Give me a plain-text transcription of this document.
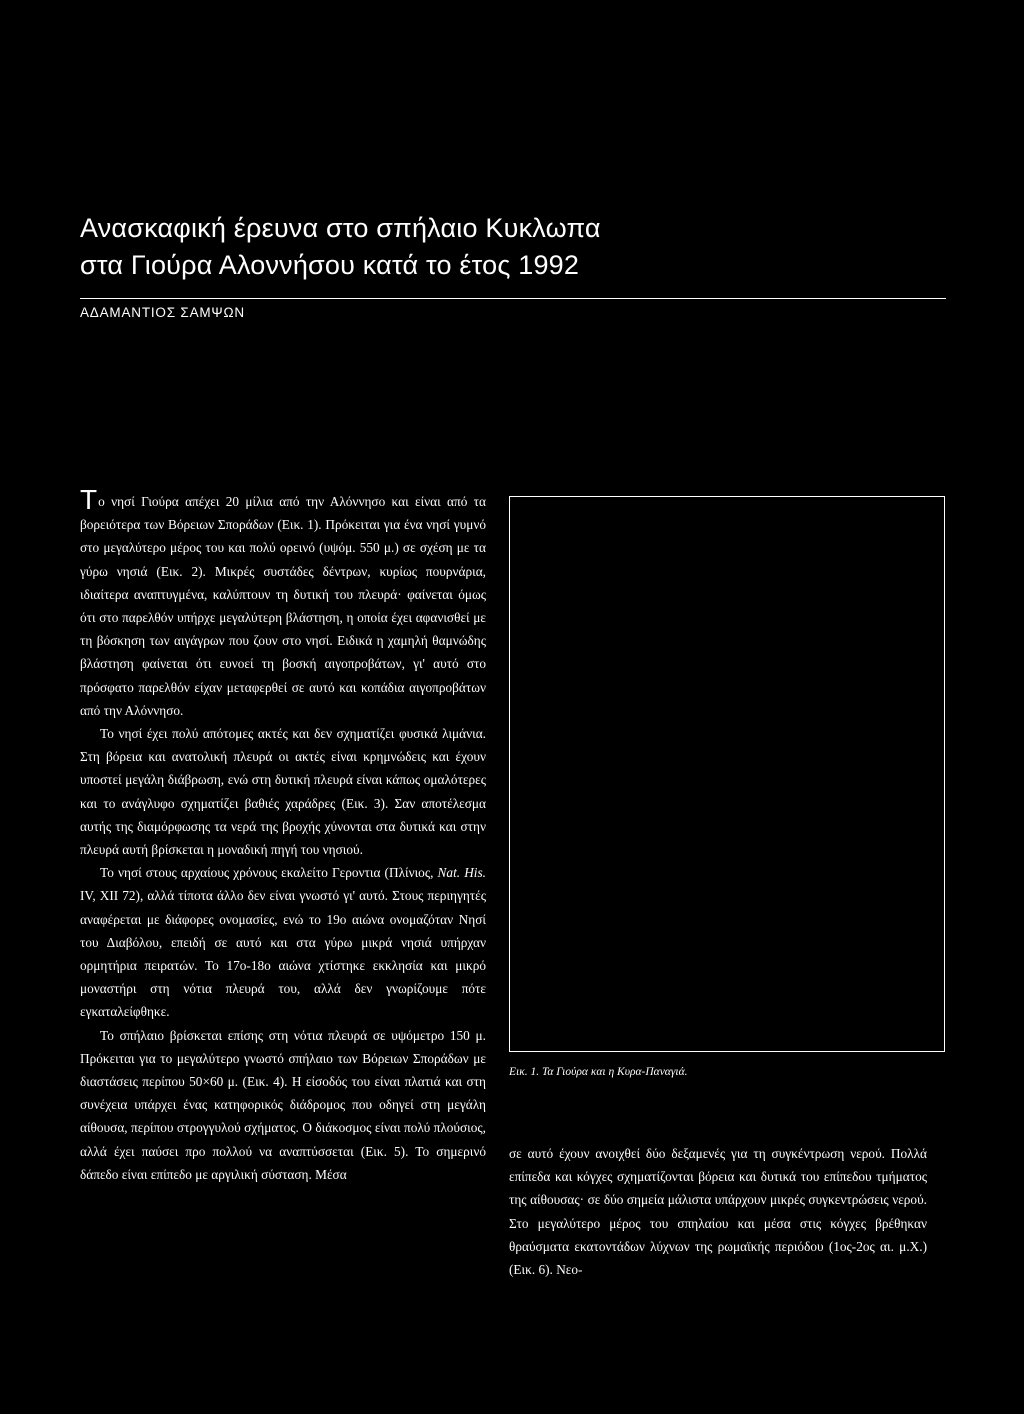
Ανασκαφική έρευνα στο σπήλαιο Κυκλωπα
στα Γιούρα Αλοννήσου κατά το έτος 1992

ΑΔΑΜΑΝΤΙΟΣ ΣΑΜΨΩΝ

Το νησί Γιούρα απέχει 20 μίλια από την Αλόννησο και είναι από τα βορειότερα των Βόρειων Σποράδων (Εικ. 1). Πρόκειται για ένα νησί γυμνό στο μεγαλύτερο μέρος του και πολύ ορεινό (υψόμ. 550 μ.) σε σχέση με τα γύρω νησιά (Εικ. 2). Μικρές συστάδες δέντρων, κυρίως πουρνάρια, ιδιαίτερα αναπτυγμένα, καλύπτουν τη δυτική του πλευρά· φαίνεται όμως ότι στο παρελθόν υπήρχε μεγαλύτερη βλάστηση, η οποία έχει αφανισθεί με τη βόσκηση των αιγάγρων που ζουν στο νησί. Ειδικά η χαμηλή θαμνώδης βλάστηση φαίνεται ότι ευνοεί τη βοσκή αιγοπροβάτων, γι' αυτό στο πρόσφατο παρελθόν είχαν μεταφερθεί σε αυτό και κοπάδια αιγοπροβάτων από την Αλόννησο.

Το νησί έχει πολύ απότομες ακτές και δεν σχηματίζει φυσικά λιμάνια. Στη βόρεια και ανατολική πλευρά οι ακτές είναι κρημνώδεις και έχουν υποστεί μεγάλη διάβρωση, ενώ στη δυτική πλευρά είναι κάπως ομαλότερες και το ανάγλυφο σχηματίζει βαθιές χαράδρες (Εικ. 3). Σαν αποτέλεσμα αυτής της διαμόρφωσης τα νερά της βροχής χύνονται στα δυτικά και στην πλευρά αυτή βρίσκεται η μοναδική πηγή του νησιού.

Το νησί στους αρχαίους χρόνους εκαλείτο Γεροντια (Πλίνιος, Nat. His. IV, XII 72), αλλά τίποτα άλλο δεν είναι γνωστό γι' αυτό. Στους περιηγητές αναφέρεται με διάφορες ονομασίες, ενώ το 19ο αιώνα ονομαζόταν Νησί του Διαβόλου, επειδή σε αυτό και στα γύρω μικρά νησιά υπήρχαν ορμητήρια πειρατών. Το 17ο-18ο αιώνα χτίστηκε εκκλησία και μικρό μοναστήρι στη νότια πλευρά του, αλλά δεν γνωρίζουμε πότε εγκαταλείφθηκε.

Το σπήλαιο βρίσκεται επίσης στη νότια πλευρά σε υψόμετρο 150 μ. Πρόκειται για το μεγαλύτερο γνωστό σπήλαιο των Βόρειων Σποράδων με διαστάσεις περίπου 50×60 μ. (Εικ. 4). Η είσοδός του είναι πλατιά και στη συνέχεια υπάρχει ένας κατηφορικός διάδρομος που οδηγεί στη μεγάλη αίθουσα, περίπου στρογγυλού σχήματος. Ο διάκοσμος είναι πολύ πλούσιος, αλλά έχει παύσει προ πολλού να αναπτύσσεται (Εικ. 5). Το σημερινό δάπεδο είναι επίπεδο με αργιλική σύσταση. Μέσα

Εικ. 1. Τα Γιούρα και η Κυρα-Παναγιά.

σε αυτό έχουν ανοιχθεί δύο δεξαμενές για τη συγκέντρωση νερού. Πολλά επίπεδα και κόγχες σχηματίζονται βόρεια και δυτικά του επίπεδου τμήματος της αίθουσας· σε δύο σημεία μάλιστα υπάρχουν μικρές συγκεντρώσεις νερού. Στο μεγαλύτερο μέρος του σπηλαίου και μέσα στις κόγχες βρέθηκαν θραύσματα εκατοντάδων λύχνων της ρωμαϊκής περιόδου (1ος-2ος αι. μ.Χ.) (Εικ. 6). Νεο-
